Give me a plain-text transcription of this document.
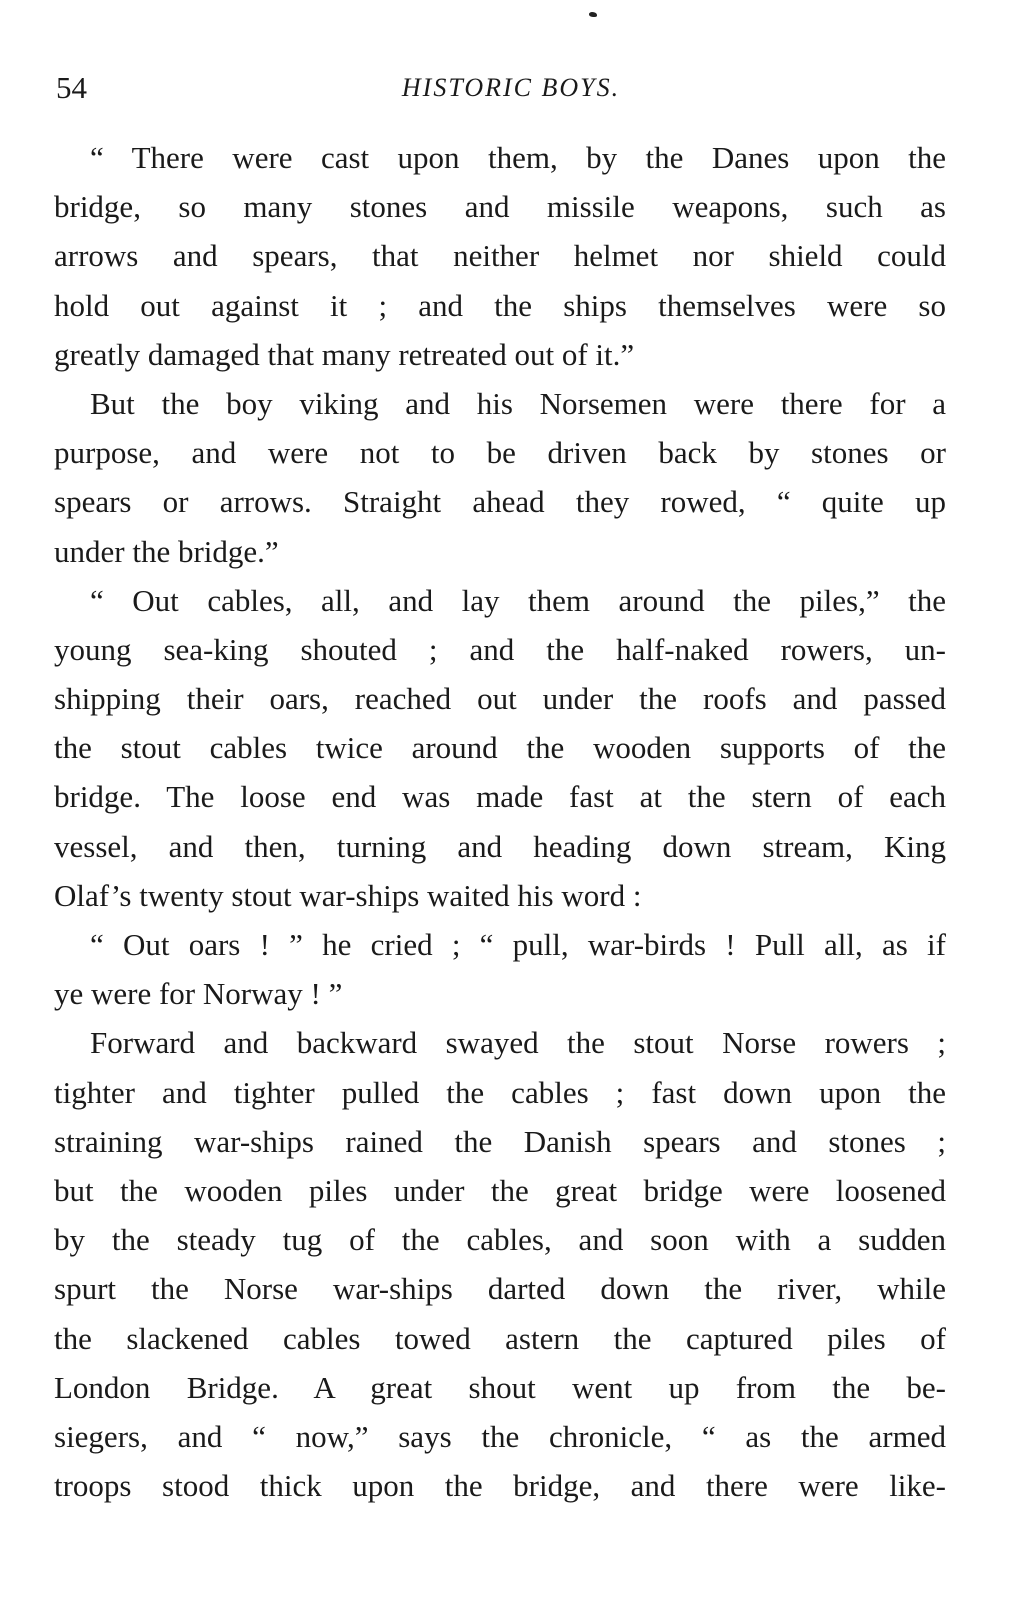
54	HISTORIC BOYS.
“ There were cast upon them, by the Danes upon the
bridge, so many stones and missile weapons, such as
arrows and spears, that neither helmet nor shield could
hold out against it ; and the ships themselves were so
greatly damaged that many retreated out of it.”
But the boy viking and his Norsemen were there for a
purpose, and were not to be driven back by stones or
spears or arrows. Straight ahead they rowed, “ quite up
under the bridge.”
“ Out cables, all, and lay them around the piles,” the
young sea-king shouted ; and the half-naked rowers, un-
shipping their oars, reached out under the roofs and passed
the stout cables twice around the wooden supports of the
bridge. The loose end was made fast at the stern of each
vessel, and then, turning and heading down stream, King
Olaf’s twenty stout war-ships waited his word :
“ Out oars ! ” he cried ; “ pull, war-birds ! Pull all, as if
ye were for Norway ! ”
Forward and backward swayed the stout Norse rowers ;
tighter and tighter pulled the cables ; fast down upon the
straining war-ships rained the Danish spears and stones ;
but the wooden piles under the great bridge were loosened
by the steady tug of the cables, and soon with a sudden
spurt the Norse war-ships darted down the river, while
the slackened cables towed astern the captured piles of
London Bridge. A great shout went up from the be-
siegers, and “ now,” says the chronicle, “ as the armed
troops stood thick upon the bridge, and there were like-
